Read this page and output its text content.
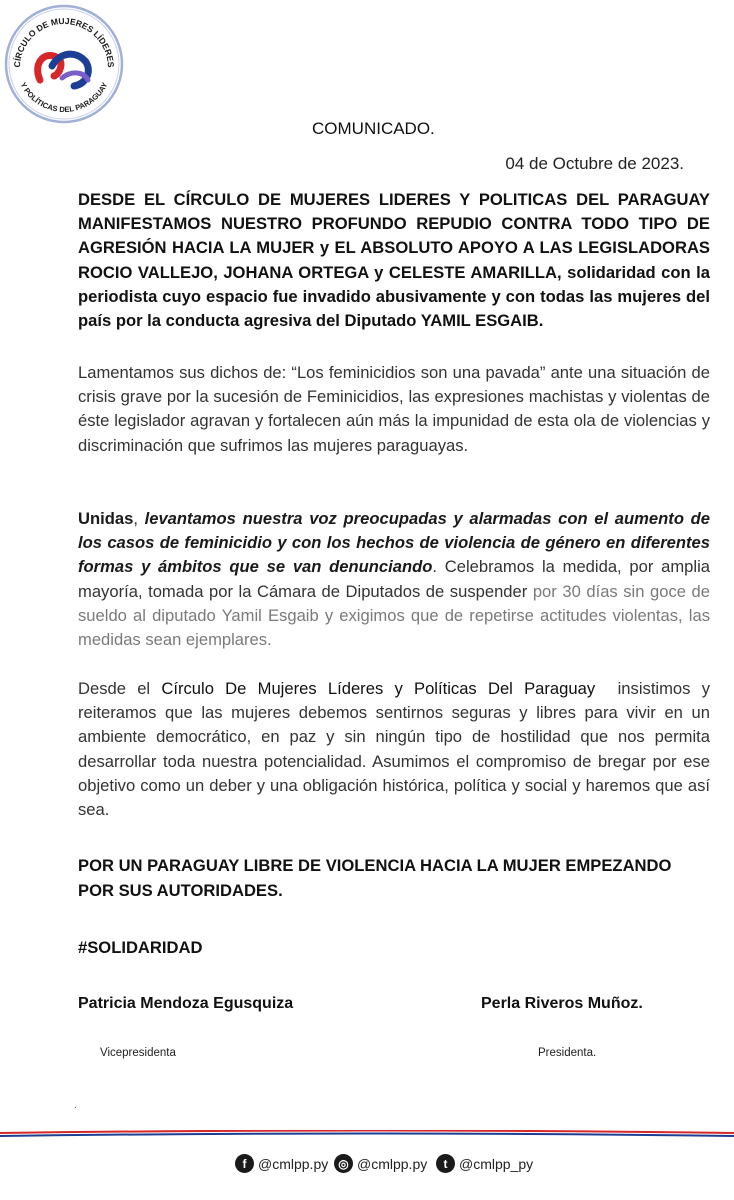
CÍRCULO DE MUJERES LÍDERES
Y POLÍTICAS DEL PARAGUAY
COMUNICADO.
04 de Octubre de 2023.

DESDE EL CÍRCULO DE MUJERES LIDERES Y POLITICAS DEL PARAGUAY MANIFESTAMOS NUESTRO PROFUNDO REPUDIO CONTRA TODO TIPO DE AGRESIÓN HACIA LA MUJER y EL ABSOLUTO APOYO A LAS LEGISLADORAS ROCIO VALLEJO, JOHANA ORTEGA y CELESTE AMARILLA, solidaridad con la periodista cuyo espacio fue invadido abusivamente y con todas las mujeres del país por la conducta agresiva del Diputado YAMIL ESGAIB.

Lamentamos sus dichos de: “Los feminicidios son una pavada” ante una situación de crisis grave por la sucesión de Feminicidios, las expresiones machistas y violentas de éste legislador agravan y fortalecen aún más la impunidad de esta ola de violencias y discriminación que sufrimos las mujeres paraguayas.

Unidas, levantamos nuestra voz preocupadas y alarmadas con el aumento de los casos de feminicidio y con los hechos de violencia de género en diferentes formas y ámbitos que se van denunciando. Celebramos la medida, por amplia mayoría, tomada por la Cámara de Diputados de suspender por 30 días sin goce de sueldo al diputado Yamil Esgaib y exigimos que de repetirse actitudes violentas, las medidas sean ejemplares.

Desde el Círculo De Mujeres Líderes y Políticas Del Paraguay  insistimos y reiteramos que las mujeres debemos sentirnos seguras y libres para vivir en un ambiente democrático, en paz y sin ningún tipo de hostilidad que nos permita desarrollar toda nuestra potencialidad. Asumimos el compromiso de bregar por ese objetivo como un deber y una obligación histórica, política y social y haremos que así sea.

POR UN PARAGUAY LIBRE DE VIOLENCIA HACIA LA MUJER EMPEZANDO POR SUS AUTORIDADES.

#SOLIDARIDAD
Patricia Mendoza Egusquiza	Perla Riveros Muñoz.
Vicepresidenta	Presidenta.
.
f @cmlpp.py ◎ @cmlpp.py	t @cmlpp_py
